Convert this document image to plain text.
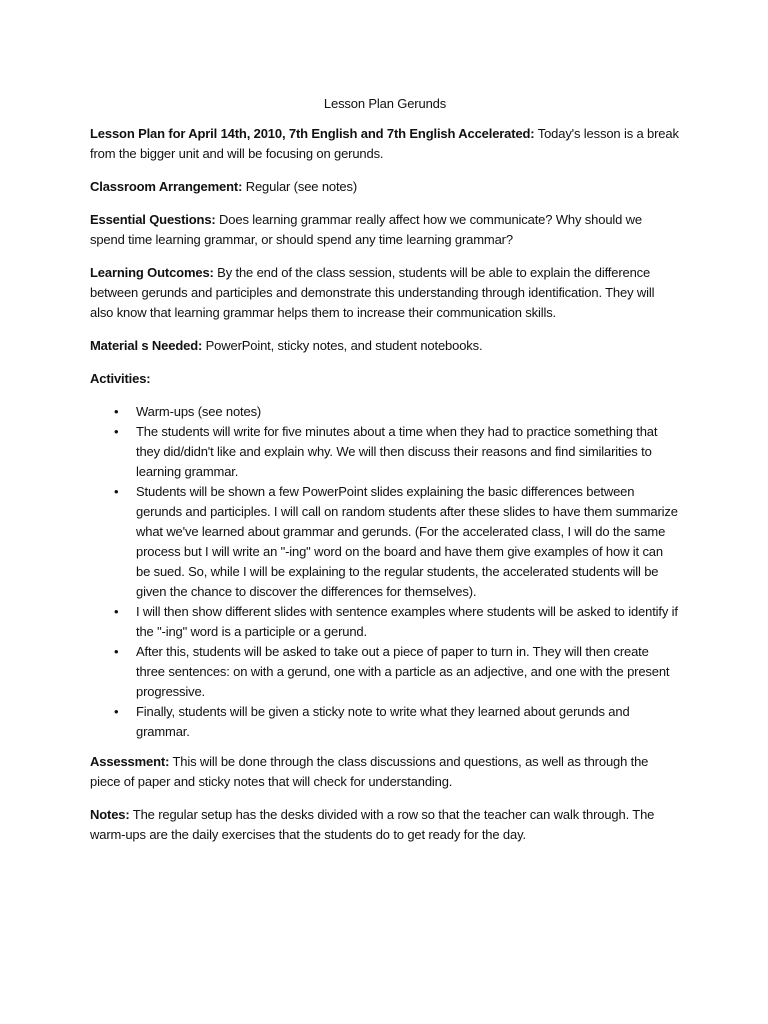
Lesson Plan Gerunds

Lesson Plan for April 14th, 2010, 7th English and 7th English Accelerated: Today's lesson is a break from the bigger unit and will be focusing on gerunds.

Classroom Arrangement: Regular (see notes)

Essential Questions: Does learning grammar really affect how we communicate? Why should we spend time learning grammar, or should spend any time learning grammar?

Learning Outcomes: By the end of the class session, students will be able to explain the difference between gerunds and participles and demonstrate this understanding through identification. They will also know that learning grammar helps them to increase their communication skills.

Material s Needed: PowerPoint, sticky notes, and student notebooks.

Activities:

• Warm-ups (see notes)
• The students will write for five minutes about a time when they had to practice something that they did/didn't like and explain why. We will then discuss their reasons and find similarities to learning grammar.
• Students will be shown a few PowerPoint slides explaining the basic differences between gerunds and participles. I will call on random students after these slides to have them summarize what we've learned about grammar and gerunds. (For the accelerated class, I will do the same process but I will write an "-ing" word on the board and have them give examples of how it can be sued. So, while I will be explaining to the regular students, the accelerated students will be given the chance to discover the differences for themselves).
• I will then show different slides with sentence examples where students will be asked to identify if the "-ing" word is a participle or a gerund.
• After this, students will be asked to take out a piece of paper to turn in. They will then create three sentences: on with a gerund, one with a particle as an adjective, and one with the present progressive.
• Finally, students will be given a sticky note to write what they learned about gerunds and grammar.

Assessment: This will be done through the class discussions and questions, as well as through the piece of paper and sticky notes that will check for understanding.

Notes: The regular setup has the desks divided with a row so that the teacher can walk through. The warm-ups are the daily exercises that the students do to get ready for the day.
